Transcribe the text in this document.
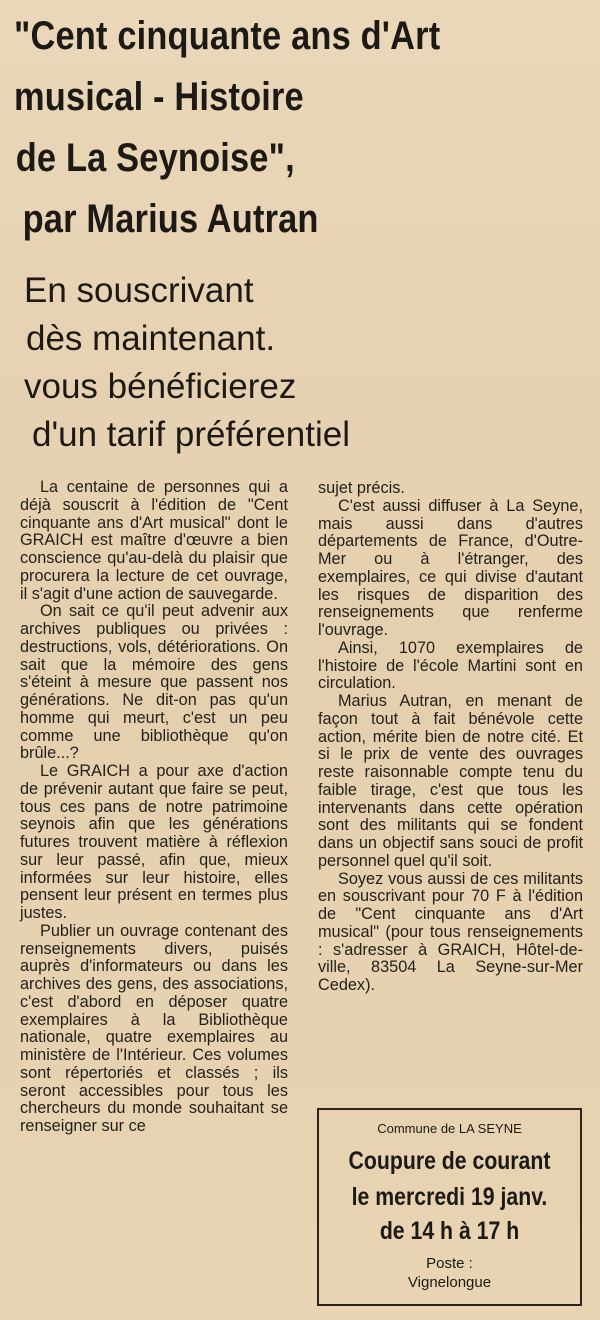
"Cent cinquante ans d'Art
musical - Histoire
de La Seynoise",
par Marius Autran
En souscrivant
dès maintenant.
vous bénéficierez
d'un tarif préférentiel

La centaine de personnes qui a déjà souscrit à l'édition de "Cent cinquante ans d'Art musical" dont le GRAICH est maître d'œuvre a bien conscience qu'au-delà du plaisir que procurera la lecture de cet ouvrage, il s'agit d'une action de sauvegarde.

On sait ce qu'il peut advenir aux archives publiques ou privées : destructions, vols, détériorations. On sait que la mémoire des gens s'éteint à mesure que passent nos générations. Ne dit-on pas qu'un homme qui meurt, c'est un peu comme une bibliothèque qu'on brûle...?

Le GRAICH a pour axe d'action de prévenir autant que faire se peut, tous ces pans de notre patrimoine seynois afin que les générations futures trouvent matière à réflexion sur leur passé, afin que, mieux informées sur leur histoire, elles pensent leur présent en termes plus justes.

Publier un ouvrage contenant des renseignements divers, puisés auprès d'informateurs ou dans les archives des gens, des associations, c'est d'abord en déposer quatre exemplaires à la Bibliothèque nationale, quatre exemplaires au ministère de l'Intérieur. Ces volumes sont répertoriés et classés ; ils seront accessibles pour tous les chercheurs du monde souhaitant se renseigner sur ce

sujet précis.

C'est aussi diffuser à La Seyne, mais aussi dans d'autres départements de France, d'Outre-Mer ou à l'étranger, des exemplaires, ce qui divise d'autant les risques de disparition des renseignements que renferme l'ouvrage.

Ainsi, 1070 exemplaires de l'histoire de l'école Martini sont en circulation.

Marius Autran, en menant de façon tout à fait bénévole cette action, mérite bien de notre cité. Et si le prix de vente des ouvrages reste raisonnable compte tenu du faible tirage, c'est que tous les intervenants dans cette opération sont des militants qui se fondent dans un objectif sans souci de profit personnel quel qu'il soit.

Soyez vous aussi de ces militants en souscrivant pour 70 F à l'édition de "Cent cinquante ans d'Art musical" (pour tous renseignements : s'adresser à GRAICH, Hôtel-de-ville, 83504 La Seyne-sur-Mer Cedex).

Commune de LA SEYNE
Coupure de courant
le mercredi 19 janv.
de 14 h à 17 h
Poste :
Vignelongue
